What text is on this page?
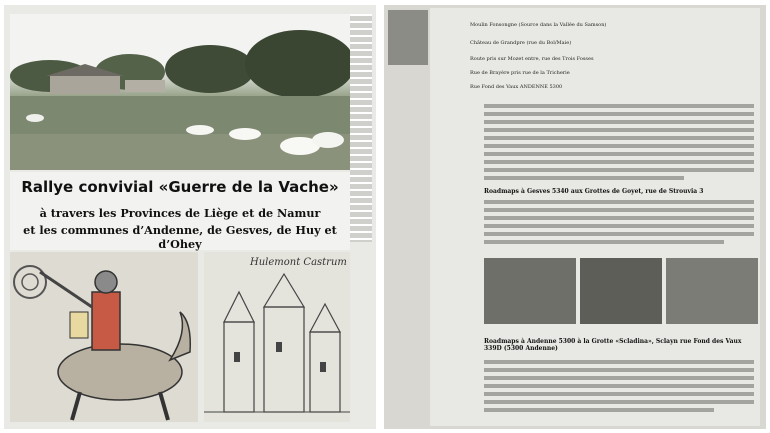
Rallye convivial «Guerre de la Vache»
à travers les Provinces de Liège et de Namur
et les communes d’Andenne, de Gesves, de Huy et d’Ohey
Hulemont Castrum
Moulin Fonsongne (Source dans la Vallée du Samson)
Château de Grandpre (rue du Bol/Maie)
Route pris sur Mozet entre, rue des Trois Fosses
Rue de Brayère pris rue de la Tricherie
Rue Fond des Vaux ANDENNE 5300
Roadmaps à Gesves 5340 aux Grottes de Goyet, rue de Strouvia 3
Roadmaps à Andenne 5300 à la Grotte «Scladina», Sclayn rue Fond des Vaux 339D (5300 Andenne)
